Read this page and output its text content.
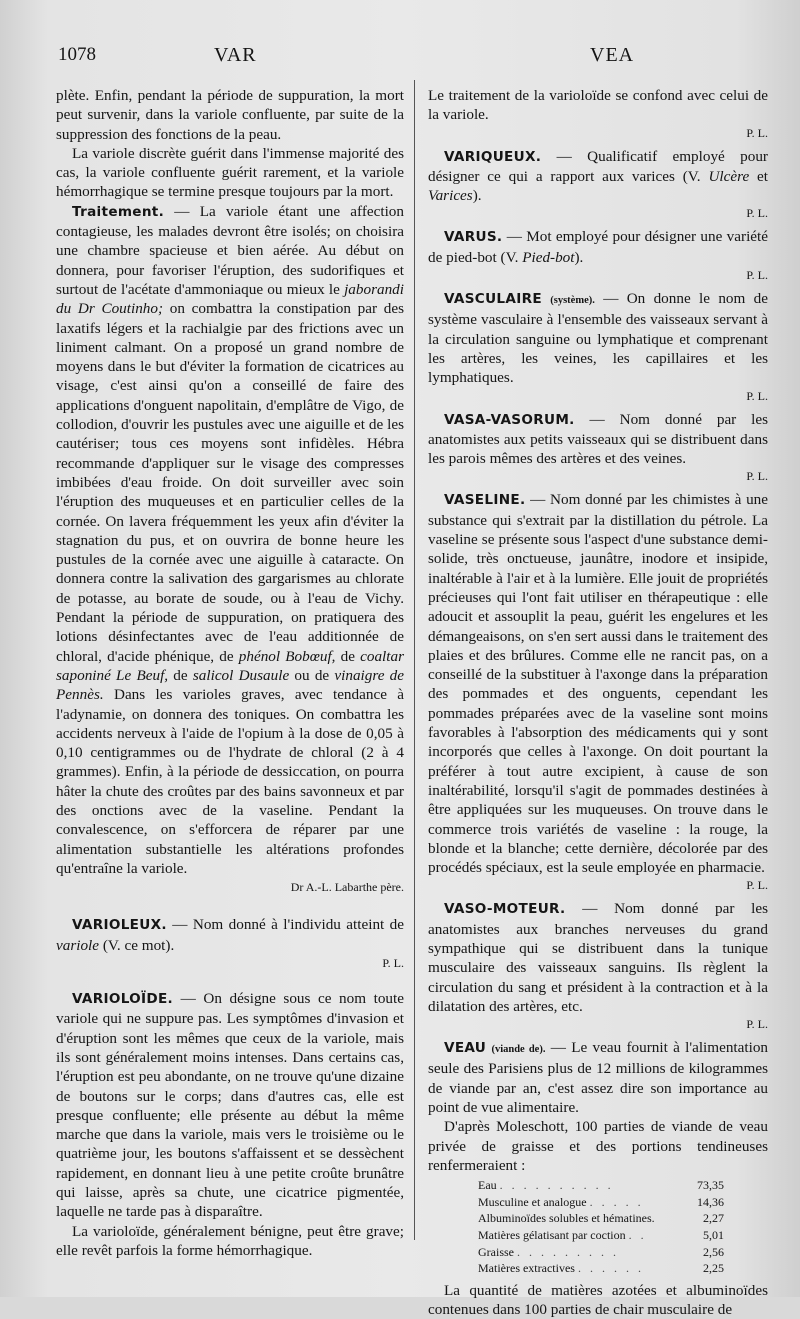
1078	VAR	VEA

plète. Enfin, pendant la période de suppuration, la mort peut survenir, dans la variole confluente, par suite de la suppression des fonctions de la peau.

La variole discrète guérit dans l'immense majorité des cas, la variole confluente guérit rarement, et la variole hémorrhagique se termine presque toujours par la mort.

Traitement. — La variole étant une affection contagieuse, les malades devront être isolés; on choisira une chambre spacieuse et bien aérée. Au début on donnera, pour favoriser l'éruption, des sudorifiques et surtout de l'acétate d'ammoniaque ou mieux le jaborandi du Dr Coutinho; on combattra la constipation par des laxatifs légers et la rachialgie par des frictions avec un liniment calmant. On a proposé un grand nombre de moyens dans le but d'éviter la formation de cicatrices au visage, c'est ainsi qu'on a conseillé de faire des applications d'onguent napolitain, d'emplâtre de Vigo, de collodion, d'ouvrir les pustules avec une aiguille et de les cautériser; tous ces moyens sont infidèles. Hébra recommande d'appliquer sur le visage des compresses imbibées d'eau froide. On doit surveiller avec soin l'éruption des muqueuses et en particulier celles de la cornée. On lavera fréquemment les yeux afin d'éviter la stagnation du pus, et on ouvrira de bonne heure les pustules de la cornée avec une aiguille à cataracte. On donnera contre la salivation des gargarismes au chlorate de potasse, au borate de soude, ou à l'eau de Vichy. Pendant la période de suppuration, on pratiquera des lotions désinfectantes avec de l'eau additionnée de chloral, d'acide phénique, de phénol Bobœuf, de coaltar saponiné Le Beuf, de salicol Dusaule ou de vinaigre de Pennès. Dans les varioles graves, avec tendance à l'adynamie, on donnera des toniques. On combattra les accidents nerveux à l'aide de l'opium à la dose de 0,05 à 0,10 centigrammes ou de l'hydrate de chloral (2 à 4 grammes). Enfin, à la période de dessiccation, on pourra hâter la chute des croûtes par des bains savonneux et par des onctions avec de la vaseline. Pendant la convalescence, on s'efforcera de réparer par une alimentation substantielle les altérations profondes qu'entraîne la variole.

Dr A.-L. Labarthe père.

VARIOLEUX. — Nom donné à l'individu atteint de variole (V. ce mot).

P. L.

VARIOLOÏDE. — On désigne sous ce nom toute variole qui ne suppure pas. Les symptômes d'invasion et d'éruption sont les mêmes que ceux de la variole, mais ils sont généralement moins intenses. Dans certains cas, l'éruption est peu abondante, on ne trouve qu'une dizaine de boutons sur le corps; dans d'autres cas, elle est presque confluente; elle présente au début la même marche que dans la variole, mais vers le troisième ou le quatrième jour, les boutons s'affaissent et se dessèchent rapidement, en donnant lieu à une petite croûte brunâtre qui laisse, après sa chute, une cicatrice pigmentée, laquelle ne tarde pas à disparaître.

La varioloïde, généralement bénigne, peut être grave; elle revêt parfois la forme hémorrhagique.

Le traitement de la varioloïde se confond avec celui de la variole.

P. L.

VARIQUEUX. — Qualificatif employé pour désigner ce qui a rapport aux varices (V. Ulcère et Varices).

P. L.

VARUS. — Mot employé pour désigner une variété de pied-bot (V. Pied-bot).

P. L.

VASCULAIRE (système). — On donne le nom de système vasculaire à l'ensemble des vaisseaux servant à la circulation sanguine ou lymphatique et comprenant les artères, les veines, les capillaires et les lymphatiques.

P. L.

VASA-VASORUM. — Nom donné par les anatomistes aux petits vaisseaux qui se distribuent dans les parois mêmes des artères et des veines.

P. L.

VASELINE. — Nom donné par les chimistes à une substance qui s'extrait par la distillation du pétrole. La vaseline se présente sous l'aspect d'une substance demi-solide, très onctueuse, jaunâtre, inodore et insipide, inaltérable à l'air et à la lumière. Elle jouit de propriétés précieuses qui l'ont fait utiliser en thérapeutique : elle adoucit et assouplit la peau, guérit les engelures et les démangeaisons, on s'en sert aussi dans le traitement des plaies et des brûlures. Comme elle ne rancit pas, on a conseillé de la substituer à l'axonge dans la préparation des pommades et des onguents, cependant les pommades préparées avec de la vaseline sont moins favorables à l'absorption des médicaments qui y sont incorporés que celles à l'axonge. On doit pourtant la préférer à tout autre excipient, à cause de son inaltérabilité, lorsqu'il s'agit de pommades destinées à être appliquées sur les muqueuses. On trouve dans le commerce trois variétés de vaseline : la rouge, la blonde et la blanche; cette dernière, décolorée par des procédés spéciaux, est la seule employée en pharmacie.

P. L.

VASO-MOTEUR. — Nom donné par les anatomistes aux branches nerveuses du grand sympathique qui se distribuent dans la tunique musculaire des vaisseaux sanguins. Ils règlent la circulation du sang et président à la contraction et à la dilatation des artères, etc.

P. L.

VEAU (viande de). — Le veau fournit à l'alimentation seule des Parisiens plus de 12 millions de kilogrammes de viande par an, c'est assez dire son importance au point de vue alimentaire.

D'après Moleschott, 100 parties de viande de veau privée de graisse et des portions tendineuses renfermeraient :

Eau . . . . . . . . . .	73,35
Musculine et analogue . . . . .	14,36
Albuminoïdes solubles et hématines.	2,27
Matières gélatisant par coction . .	5,01
Graisse . . . . . . . . .	2,56
Matières extractives . . . . . .	2,25

La quantité de matières azotées et albuminoïdes contenues dans 100 parties de chair musculaire de
